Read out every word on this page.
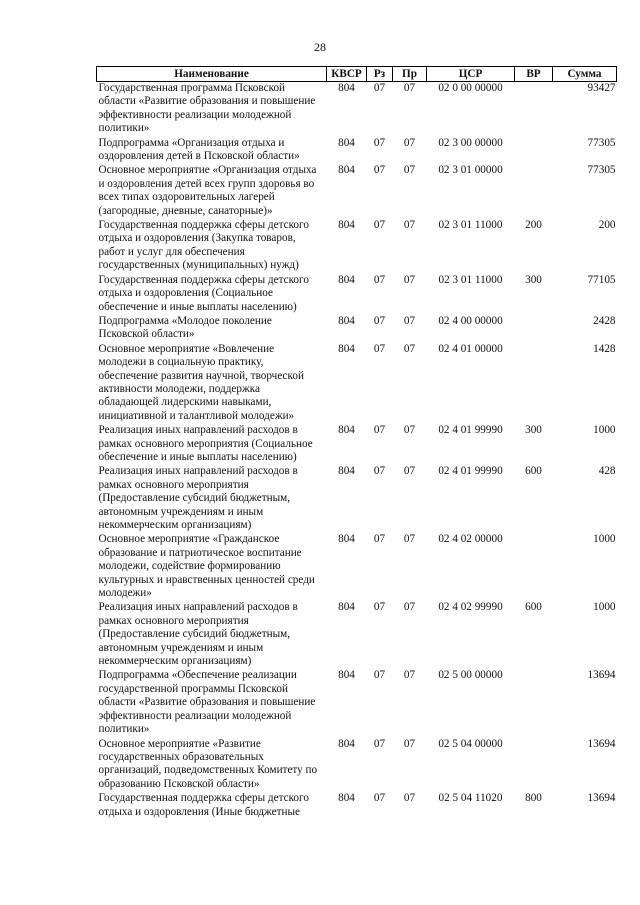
28
Наименование	КВСР	Рз	Пр	ЦСР	ВР	Сумма
Государственная программа Псковской области «Развитие образования и повышение эффективности реализации молодежной политики»	804	07	07	02 0 00 00000		93427
Подпрограмма «Организация отдыха и оздоровления детей в Псковской области»	804	07	07	02 3 00 00000		77305
Основное мероприятие «Организация отдыха и оздоровления детей всех групп здоровья во всех типах оздоровительных лагерей (загородные, дневные, санаторные)»	804	07	07	02 3 01 00000		77305
Государственная поддержка сферы детского отдыха и оздоровления (Закупка товаров, работ и услуг для обеспечения государственных (муниципальных) нужд)	804	07	07	02 3 01 11000	200	200
Государственная поддержка сферы детского отдыха и оздоровления (Социальное обеспечение и иные выплаты населению)	804	07	07	02 3 01 11000	300	77105
Подпрограмма «Молодое поколение Псковской области»	804	07	07	02 4 00 00000		2428
Основное мероприятие «Вовлечение молодежи в социальную практику, обеспечение развития научной, творческой активности молодежи, поддержка обладающей лидерскими навыками, инициативной и талантливой молодежи»	804	07	07	02 4 01 00000		1428
Реализация иных направлений расходов в рамках основного мероприятия (Социальное обеспечение и иные выплаты населению)	804	07	07	02 4 01 99990	300	1000
Реализация иных направлений расходов в рамках основного мероприятия (Предоставление субсидий бюджетным, автономным учреждениям и иным некоммерческим организациям)	804	07	07	02 4 01 99990	600	428
Основное мероприятие «Гражданское образование и патриотическое воспитание молодежи, содействие формированию культурных и нравственных ценностей среди молодежи»	804	07	07	02 4 02 00000		1000
Реализация иных направлений расходов в рамках основного мероприятия (Предоставление субсидий бюджетным, автономным учреждениям и иным некоммерческим организациям)	804	07	07	02 4 02 99990	600	1000
Подпрограмма «Обеспечение реализации государственной программы Псковской области «Развитие образования и повышение эффективности реализации молодежной политики»	804	07	07	02 5 00 00000		13694
Основное мероприятие «Развитие государственных образовательных организаций, подведомственных Комитету по образованию Псковской области»	804	07	07	02 5 04 00000		13694
Государственная поддержка сферы детского отдыха и оздоровления (Иные бюджетные	804	07	07	02 5 04 11020	800	13694
